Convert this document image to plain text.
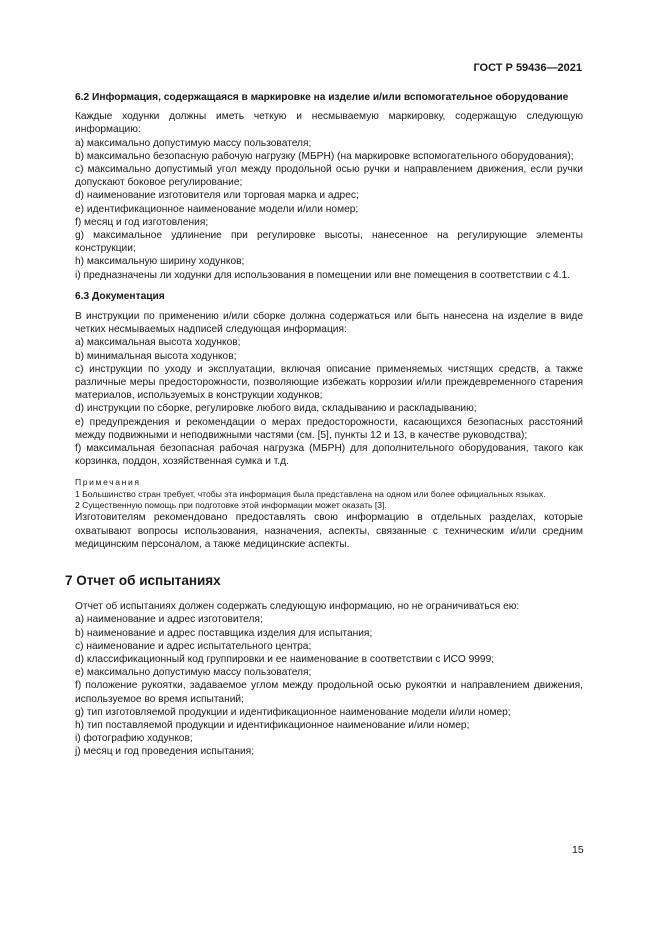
ГОСТ Р 59436—2021

6.2 Информация, содержащаяся в маркировке на изделие и/или вспомогательное оборудование

Каждые ходунки должны иметь четкую и несмываемую маркировку, содержащую следующую информацию:

a) максимально допустимую массу пользователя;

b) максимально безопасную рабочую нагрузку (МБРН) (на маркировке вспомогательного оборудования);

c) максимально допустимый угол между продольной осью ручки и направлением движения, если ручки допускают боковое регулирование;

d) наименование изготовителя или торговая марка и адрес;

e) идентификационное наименование модели и/или номер;

f) месяц и год изготовления;

g) максимальное удлинение при регулировке высоты, нанесенное на регулирующие элементы конструкции;

h) максимальную ширину ходунков;

i) предназначены ли ходунки для использования в помещении или вне помещения в соответствии с 4.1.

6.3 Документация

В инструкции по применению и/или сборке должна содержаться или быть нанесена на изделие в виде четких несмываемых надписей следующая информация:

a) максимальная высота ходунков;

b) минимальная высота ходунков;

c) инструкции по уходу и эксплуатации, включая описание применяемых чистящих средств, а также различные меры предосторожности, позволяющие избежать коррозии и/или преждевременного старения материалов, используемых в конструкции ходунков;

d) инструкции по сборке, регулировке любого вида, складыванию и раскладыванию;

e) предупреждения и рекомендации о мерах предосторожности, касающихся безопасных расстояний между подвижными и неподвижными частями (см. [5], пункты 12 и 13, в качестве руководства);

f) максимальная безопасная рабочая нагрузка (МБРН) для дополнительного оборудования, такого как корзинка, поддон, хозяйственная сумка и т.д.

Примечания

1 Большинство стран требует, чтобы эта информация была представлена на одном или более официальных языках.

2 Существенную помощь при подготовке этой информации может оказать [3].

Изготовителям рекомендовано предоставлять свою информацию в отдельных разделах, которые охватывают вопросы использования, назначения, аспекты, связанные с техническим и/или средним медицинским персоналом, а также медицинские аспекты.

7 Отчет об испытаниях

Отчет об испытаниях должен содержать следующую информацию, но не ограничиваться ею:

a) наименование и адрес изготовителя;

b) наименование и адрес поставщика изделия для испытания;

c) наименование и адрес испытательного центра;

d) классификационный код группировки и ее наименование в соответствии с ИСО 9999;

e) максимально допустимую массу пользователя;

f) положение рукоятки, задаваемое углом между продольной осью рукоятки и направлением движения, используемое во время испытаний;

g) тип изготовляемой продукции и идентификационное наименование модели и/или номер;

h) тип поставляемой продукции и идентификационное наименование и/или номер;

i) фотографию ходунков;

j) месяц и год проведения испытания;

15
